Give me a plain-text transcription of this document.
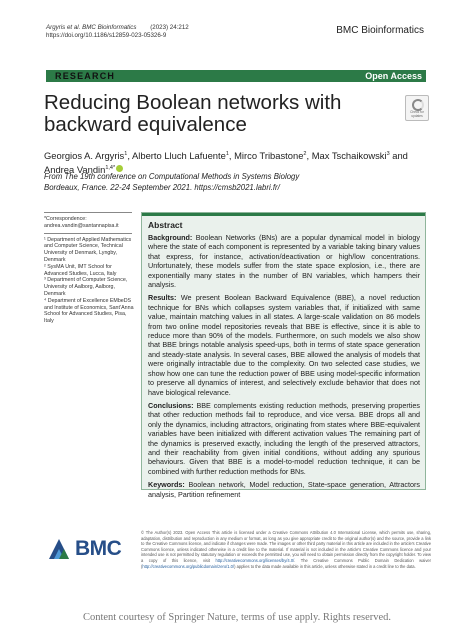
Argyris et al. BMC Bioinformatics (2023) 24:212
https://doi.org/10.1186/s12859-023-05326-9	BMC Bioinformatics
RESEARCH	Open Access
Reducing Boolean networks with backward equivalence
Check for updates
Georgios A. Argyris$^1$, Alberto Lluch Lafuente$^1$, Mirco Tribastone$^2$, Max Tschaikowski$^3$ and Andrea Vandin$^{1,4*}$
From The 19th conference on Computational Methods in Systems Biology
Bordeaux, France. 22-24 September 2021. https://cmsb2021.labri.fr/
*Correspondence:
andrea.vandin@santannapisa.it
¹ Department of Applied Mathematics and Computer Science, Technical University of Denmark, Lyngby, Denmark
² SysMA Unit, IMT School for Advanced Studies, Lucca, Italy
³ Department of Computer Science, University of Aalborg, Aalborg, Denmark
⁴ Department of Excellence EMbeDS and Institute of Economics, Sant’Anna School for Advanced Studies, Pisa, Italy
Abstract

Background: Boolean Networks (BNs) are a popular dynamical model in biology where the state of each component is represented by a variable taking binary values that express, for instance, activation/deactivation or high/low concentrations. Unfortunately, these models suffer from the state space explosion, i.e., there are exponentially many states in the number of BN variables, which hampers their analysis.

Results: We present Boolean Backward Equivalence (BBE), a novel reduction technique for BNs which collapses system variables that, if initialized with same value, maintain matching values in all states. A large-scale validation on 86 models from two online model repositories reveals that BBE is effective, since it is able to reduce more than 90% of the models. Furthermore, on such models we also show that BBE brings notable analysis speed-ups, both in terms of state space generation and steady-state analysis. In several cases, BBE allowed the analysis of models that were originally intractable due to the complexity. On two selected case studies, we show how one can tune the reduction power of BBE using model-specific information to preserve all dynamics of interest, and selectively exclude behavior that does not have biological relevance.

Conclusions: BBE complements existing reduction methods, preserving properties that other reduction methods fail to reproduce, and vice versa. BBE drops all and only the dynamics, including attractors, originating from states where BBE-equivalent variables have been initialized with different activation values The remaining part of the dynamics is preserved exactly, including the length of the preserved attractors, and their reachability from given initial conditions, without adding any spurious behaviours. Given that BBE is a model-to-model reduction technique, it can be combined with further reduction methods for BNs.

Keywords: Boolean network, Model reduction, State-space generation, Attractors analysis, Partition refinement

BMC
© The Author(s) 2023. Open Access This article is licensed under a Creative Commons Attribution 4.0 International License, which permits use, sharing, adaptation, distribution and reproduction in any medium or format, as long as you give appropriate credit to the original author(s) and the source, provide a link to the Creative Commons licence, and indicate if changes were made. The images or other third party material in this article are included in the article's Creative Commons licence, unless indicated otherwise in a credit line to the material. If material is not included in the article's Creative Commons licence and your intended use is not permitted by statutory regulation or exceeds the permitted use, you will need to obtain permission directly from the copyright holder. To view a copy of this licence, visit http://creativecommons.org/licenses/by/4.0/. The Creative Commons Public Domain Dedication waiver (http://creativecommons.org/publicdomain/zero/1.0/) applies to the data made available in this article, unless otherwise stated in a credit line to the data.
Content courtesy of Springer Nature, terms of use apply. Rights reserved.
